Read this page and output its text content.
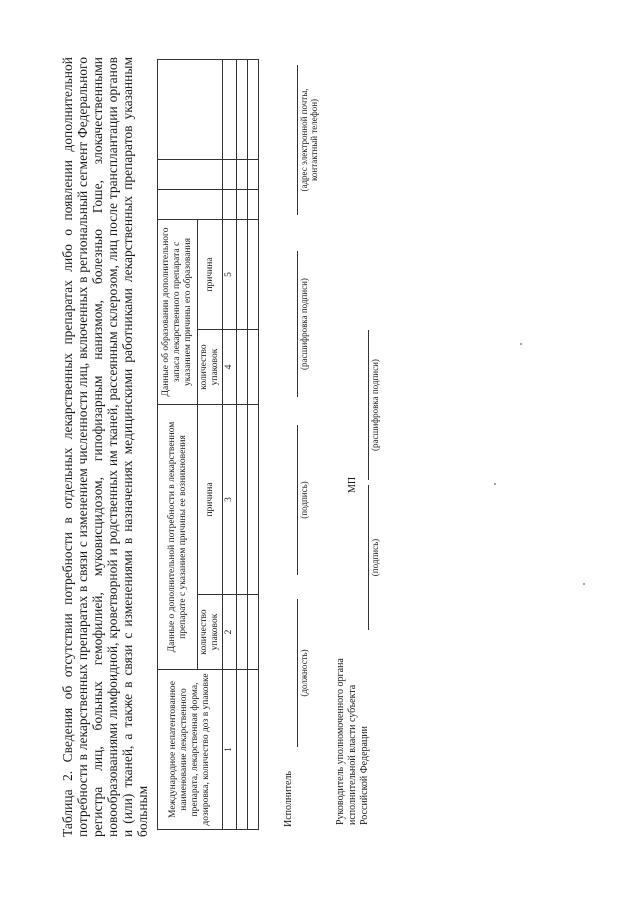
Таблица 2. Сведения об отсутствии потребности в отдельных лекарственных препаратах либо о появлении дополнительной потребности в лекарственных препаратах в связи с изменением численности лиц, включенных в региональный сегмент Федерального регистра лиц, больных гемофилией, муковисцидозом, гипофизарным нанизмом, болезнью Гоше, злокачественными новообразованиями лимфоидной, кроветворной и родственных им тканей, рассеянным склерозом, лиц после трансплантации органов и (или) тканей, а также в связи с изменениями в назначениях медицинскими работниками лекарственных препаратов указанным больным Международное непатентованное наименование лекарственного препарата, лекарственная форма, дозировка, количество доз в упаковке	Данные о дополнительной потребности в лекарственном препарате с указанием причины ее возникновения		Данные об образовании дополнительного запаса лекарственного препарата с указанием причины его образования				
	количество упаковок	причина	количество упаковок	причина			
1	2	3	4	5			

Исполнитель
(должность)
(подпись)
(расшифровка подписи)
(адрес электронной почты, контактный телефон)
Руководитель уполномоченного органа исполнительной власти субъекта Российской Федерации
(подпись)
(расшифровка подписи)
МП
